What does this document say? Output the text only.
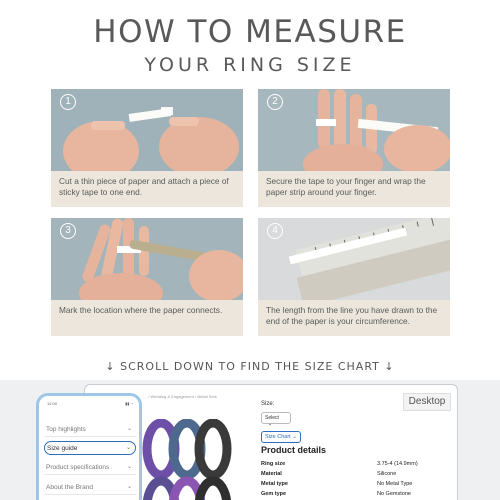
HOW TO MEASURE
YOUR RING SIZE
1
Cut a thin piece of paper and attach a piece of sticky tape to one end.
2
Secure the tape to your finger and wrap the paper strip around your finger.
3
Mark the location where the paper connects.
4
The length from the line you have drawn to the end of the paper is your circumference.
↓ SCROLL DOWN TO FIND THE SIZE CHART ↓
Desktop
… › Wedding & Engagement › Bridal Sets
Size:
Select ⌄
Size Chart ⌄
Product details
Ring size	3.75-4 (14.9mm)
Material	Silicone
Metal type	No Metal Type
Gem type	No Gemstone
12:00	▮▮ ◔
Top highlights	⌄
Size guide	⌄
Product specifications	⌄
About the Brand	⌄
